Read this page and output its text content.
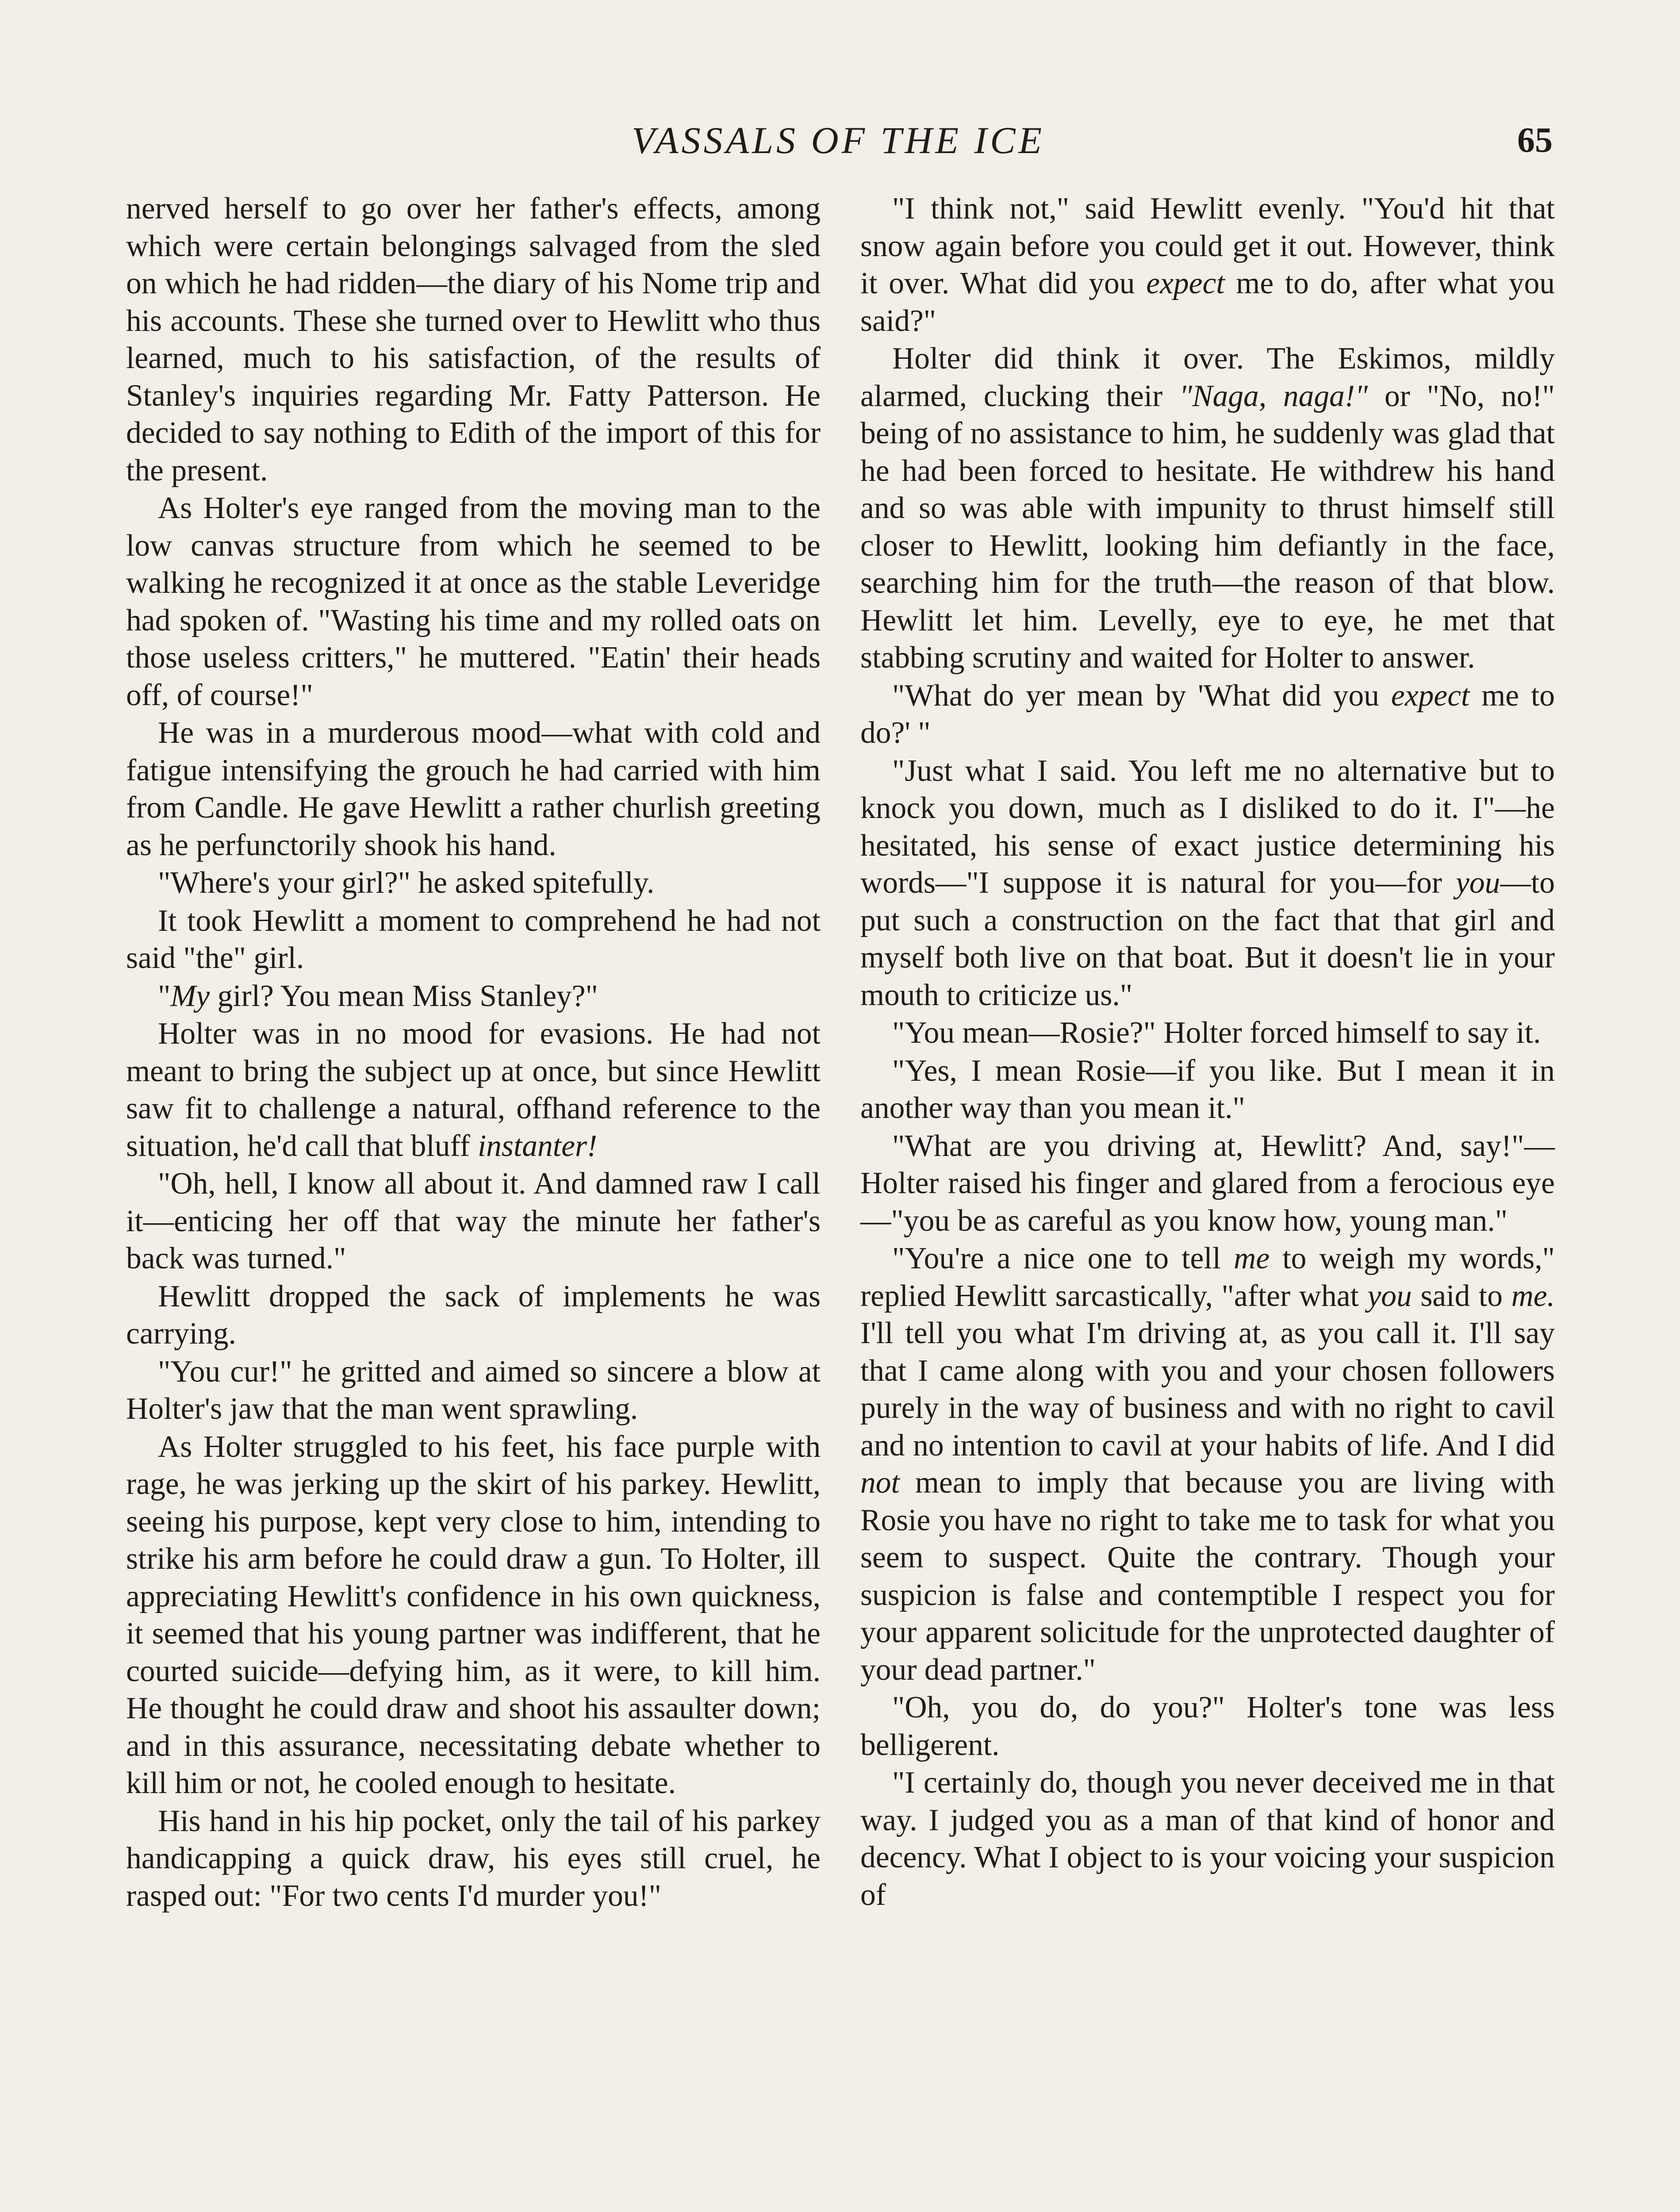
VASSALS OF THE ICE	65

nerved herself to go over her father's effects, among which were certain belongings salvaged from the sled on which he had ridden—the diary of his Nome trip and his accounts. These she turned over to Hewlitt who thus learned, much to his satisfaction, of the results of Stanley's inquiries regarding Mr. Fatty Patterson. He decided to say nothing to Edith of the import of this for the present.

As Holter's eye ranged from the moving man to the low canvas structure from which he seemed to be walking he recognized it at once as the stable Leveridge had spoken of. "Wasting his time and my rolled oats on those useless critters," he muttered. "Eatin' their heads off, of course!"

He was in a murderous mood—what with cold and fatigue intensifying the grouch he had carried with him from Candle. He gave Hewlitt a rather churlish greeting as he perfunctorily shook his hand.

"Where's your girl?" he asked spitefully.

It took Hewlitt a moment to comprehend he had not said "the" girl.

"My girl? You mean Miss Stanley?"

Holter was in no mood for evasions. He had not meant to bring the subject up at once, but since Hewlitt saw fit to challenge a natural, offhand reference to the situation, he'd call that bluff instanter!

"Oh, hell, I know all about it. And damned raw I call it—enticing her off that way the minute her father's back was turned."

Hewlitt dropped the sack of implements he was carrying.

"You cur!" he gritted and aimed so sincere a blow at Holter's jaw that the man went sprawling.

As Holter struggled to his feet, his face purple with rage, he was jerking up the skirt of his parkey. Hewlitt, seeing his purpose, kept very close to him, intending to strike his arm before he could draw a gun. To Holter, ill appreciating Hewlitt's confidence in his own quickness, it seemed that his young partner was indifferent, that he courted suicide—defying him, as it were, to kill him. He thought he could draw and shoot his assaulter down; and in this assurance, necessitating debate whether to kill him or not, he cooled enough to hesitate.

His hand in his hip pocket, only the tail of his parkey handicapping a quick draw, his eyes still cruel, he rasped out: "For two cents I'd murder you!"

"I think not," said Hewlitt evenly. "You'd hit that snow again before you could get it out. However, think it over. What did you expect me to do, after what you said?"

Holter did think it over. The Eskimos, mildly alarmed, clucking their "Naga, naga!" or "No, no!" being of no assistance to him, he suddenly was glad that he had been forced to hesitate. He withdrew his hand and so was able with impunity to thrust himself still closer to Hewlitt, looking him defiantly in the face, searching him for the truth—the reason of that blow. Hewlitt let him. Levelly, eye to eye, he met that stabbing scrutiny and waited for Holter to answer.

"What do yer mean by 'What did you expect me to do?' "

"Just what I said. You left me no alternative but to knock you down, much as I disliked to do it. I"—he hesitated, his sense of exact justice determining his words—"I suppose it is natural for you—for you—to put such a construction on the fact that that girl and myself both live on that boat. But it doesn't lie in your mouth to criticize us."

"You mean—Rosie?" Holter forced himself to say it.

"Yes, I mean Rosie—if you like. But I mean it in another way than you mean it."

"What are you driving at, Hewlitt? And, say!"—Holter raised his finger and glared from a ferocious eye—"you be as careful as you know how, young man."

"You're a nice one to tell me to weigh my words," replied Hewlitt sarcastically, "after what you said to me. I'll tell you what I'm driving at, as you call it. I'll say that I came along with you and your chosen followers purely in the way of business and with no right to cavil and no intention to cavil at your habits of life. And I did not mean to imply that because you are living with Rosie you have no right to take me to task for what you seem to suspect. Quite the contrary. Though your suspicion is false and contemptible I respect you for your apparent solicitude for the unprotected daughter of your dead partner."

"Oh, you do, do you?" Holter's tone was less belligerent.

"I certainly do, though you never deceived me in that way. I judged you as a man of that kind of honor and decency. What I object to is your voicing your suspicion of
